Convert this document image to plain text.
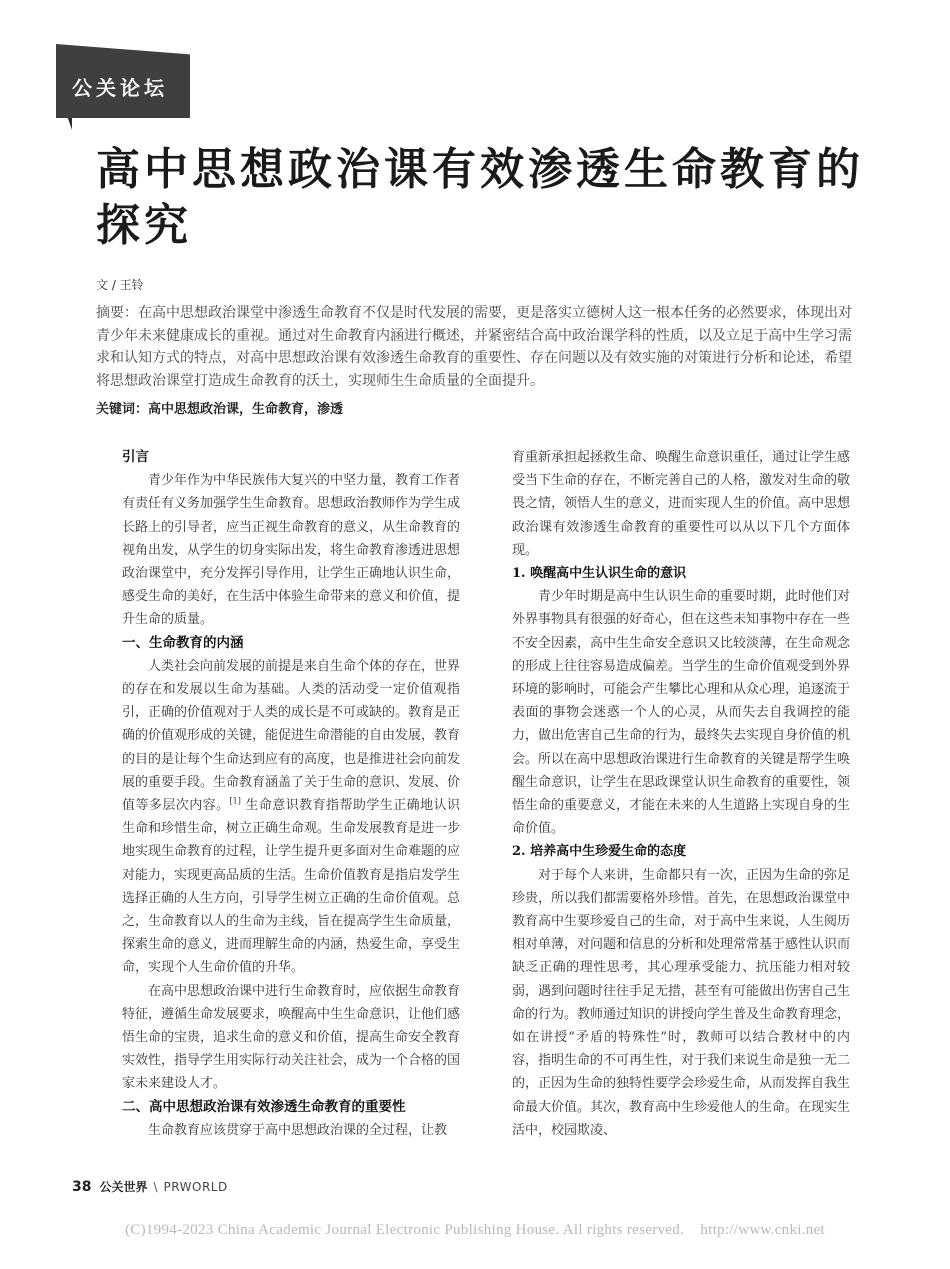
公关论坛
高中思想政治课有效渗透生命教育的探究
文 / 王铃

摘要：在高中思想政治课堂中渗透生命教育不仅是时代发展的需要，更是落实立德树人这一根本任务的必然要求，体现出对青少年未来健康成长的重视。通过对生命教育内涵进行概述，并紧密结合高中政治课学科的性质，以及立足于高中生学习需求和认知方式的特点，对高中思想政治课有效渗透生命教育的重要性、存在问题以及有效实施的对策进行分析和论述，希望将思想政治课堂打造成生命教育的沃土，实现师生生命质量的全面提升。

关键词：高中思想政治课，生命教育，渗透
引言

青少年作为中华民族伟大复兴的中坚力量，教育工作者有责任有义务加强学生生命教育。思想政治教师作为学生成长路上的引导者，应当正视生命教育的意义，从生命教育的视角出发，从学生的切身实际出发，将生命教育渗透进思想政治课堂中，充分发挥引导作用，让学生正确地认识生命，感受生命的美好，在生活中体验生命带来的意义和价值，提升生命的质量。

一、生命教育的内涵

人类社会向前发展的前提是来自生命个体的存在，世界的存在和发展以生命为基础。人类的活动受一定价值观指引，正确的价值观对于人类的成长是不可或缺的。教育是正确的价值观形成的关键，能促进生命潜能的自由发展，教育的目的是让每个生命达到应有的高度，也是推进社会向前发展的重要手段。生命教育涵盖了关于生命的意识、发展、价值等多层次内容。[1] 生命意识教育指帮助学生正确地认识生命和珍惜生命，树立正确生命观。生命发展教育是进一步地实现生命教育的过程，让学生提升更多面对生命难题的应对能力，实现更高品质的生活。生命价值教育是指启发学生选择正确的人生方向，引导学生树立正确的生命价值观。总之，生命教育以人的生命为主线，旨在提高学生生命质量，探索生命的意义，进而理解生命的内涵，热爱生命，享受生命，实现个人生命价值的升华。

在高中思想政治课中进行生命教育时，应依据生命教育特征，遵循生命发展要求，唤醒高中生生命意识，让他们感悟生命的宝贵，追求生命的意义和价值，提高生命安全教育实效性，指导学生用实际行动关注社会，成为一个合格的国家未来建设人才。

二、高中思想政治课有效渗透生命教育的重要性

生命教育应该贯穿于高中思想政治课的全过程，让教

育重新承担起拯救生命、唤醒生命意识重任，通过让学生感受当下生命的存在，不断完善自己的人格，激发对生命的敬畏之情，领悟人生的意义，进而实现人生的价值。高中思想政治课有效渗透生命教育的重要性可以从以下几个方面体现。

1. 唤醒高中生认识生命的意识

青少年时期是高中生认识生命的重要时期，此时他们对外界事物具有很强的好奇心，但在这些未知事物中存在一些不安全因素，高中生生命安全意识又比较淡薄，在生命观念的形成上往往容易造成偏差。当学生的生命价值观受到外界环境的影响时，可能会产生攀比心理和从众心理，追逐流于表面的事物会迷惑一个人的心灵，从而失去自我调控的能力，做出危害自己生命的行为，最终失去实现自身价值的机会。所以在高中思想政治课进行生命教育的关键是帮学生唤醒生命意识，让学生在思政课堂认识生命教育的重要性，领悟生命的重要意义，才能在未来的人生道路上实现自身的生命价值。

2. 培养高中生珍爱生命的态度

对于每个人来讲，生命都只有一次，正因为生命的弥足珍贵，所以我们都需要格外珍惜。首先，在思想政治课堂中教育高中生要珍爱自己的生命，对于高中生来说，人生阅历相对单薄，对问题和信息的分析和处理常常基于感性认识而缺乏正确的理性思考，其心理承受能力、抗压能力相对较弱，遇到问题时往往手足无措，甚至有可能做出伤害自己生命的行为。教师通过知识的讲授向学生普及生命教育理念，如在讲授“矛盾的特殊性”时，教师可以结合教材中的内容，指明生命的不可再生性，对于我们来说生命是独一无二的，正因为生命的独特性要学会珍爱生命，从而发挥自我生命最大价值。其次，教育高中生珍爱他人的生命。在现实生活中，校园欺凌、

38 公关世界 \ PRWORLD
(C)1994-2023 China Academic Journal Electronic Publishing House. All rights reserved.    http://www.cnki.net
